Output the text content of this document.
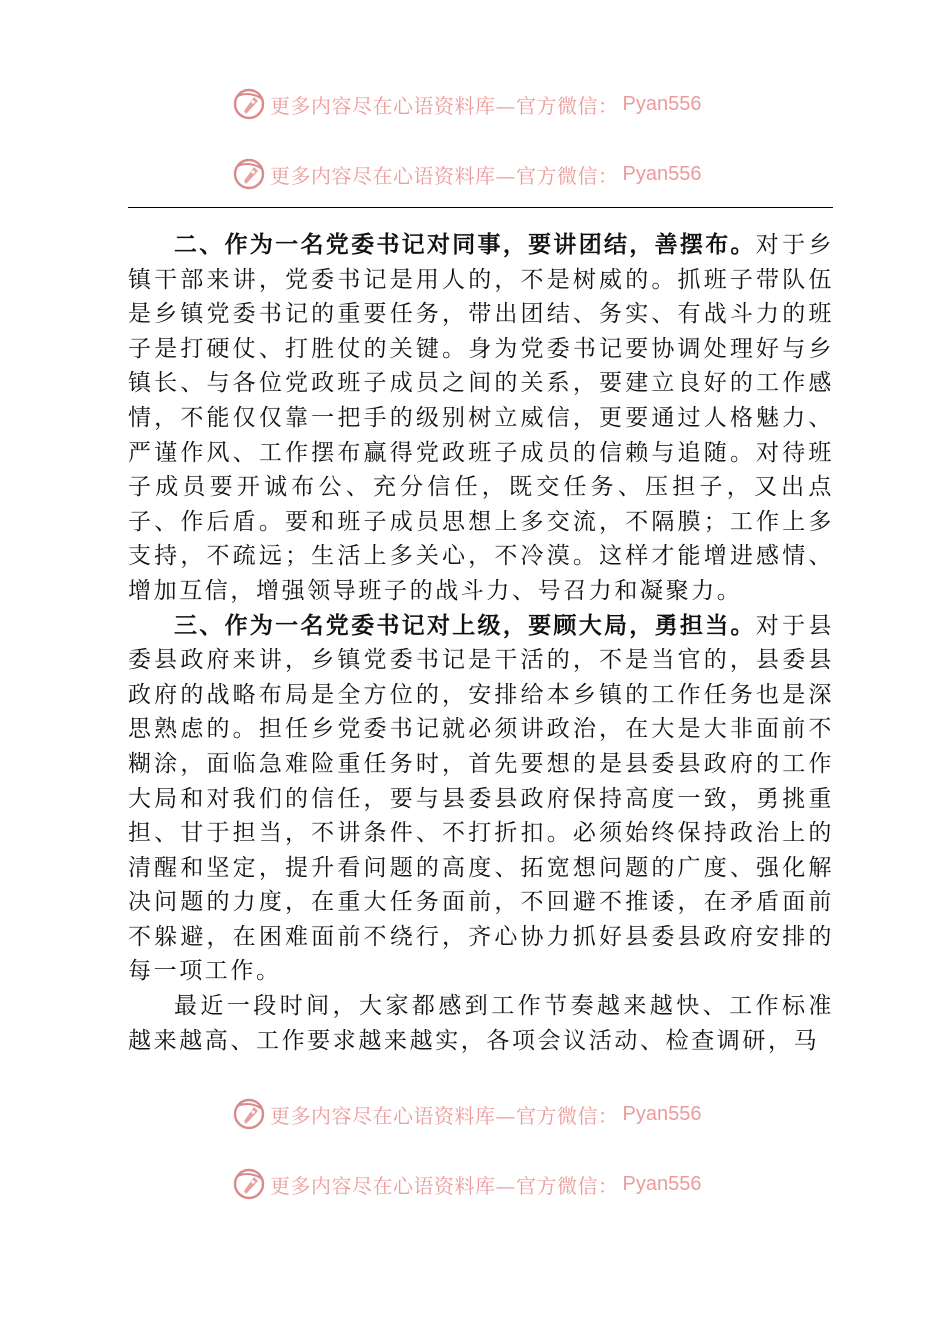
更多内容尽在心语资料库—官方微信： Pyan556
更多内容尽在心语资料库—官方微信： Pyan556

二、作为一名党委书记对同事，要讲团结，善摆布。对于乡镇干部来讲，党委书记是用人的，不是树威的。抓班子带队伍是乡镇党委书记的重要任务，带出团结、务实、有战斗力的班子是打硬仗、打胜仗的关键。身为党委书记要协调处理好与乡镇长、与各位党政班子成员之间的关系，要建立良好的工作感情，不能仅仅靠一把手的级别树立威信，更要通过人格魅力、严谨作风、工作摆布赢得党政班子成员的信赖与追随。对待班子成员要开诚布公、充分信任，既交任务、压担子，又出点子、作后盾。要和班子成员思想上多交流，不隔膜；工作上多支持，不疏远；生活上多关心，不冷漠。这样才能增进感情、增加互信，增强领导班子的战斗力、号召力和凝聚力。

三、作为一名党委书记对上级，要顾大局，勇担当。对于县委县政府来讲，乡镇党委书记是干活的，不是当官的，县委县政府的战略布局是全方位的，安排给本乡镇的工作任务也是深思熟虑的。担任乡党委书记就必须讲政治，在大是大非面前不糊涂，面临急难险重任务时，首先要想的是县委县政府的工作大局和对我们的信任，要与县委县政府保持高度一致，勇挑重担、甘于担当，不讲条件、不打折扣。必须始终保持政治上的清醒和坚定，提升看问题的高度、拓宽想问题的广度、强化解决问题的力度，在重大任务面前，不回避不推诿，在矛盾面前不躲避，在困难面前不绕行，齐心协力抓好县委县政府安排的每一项工作。

最近一段时间，大家都感到工作节奏越来越快、工作标准越来越高、工作要求越来越实，各项会议活动、检查调研，马

更多内容尽在心语资料库—官方微信： Pyan556
更多内容尽在心语资料库—官方微信： Pyan556
